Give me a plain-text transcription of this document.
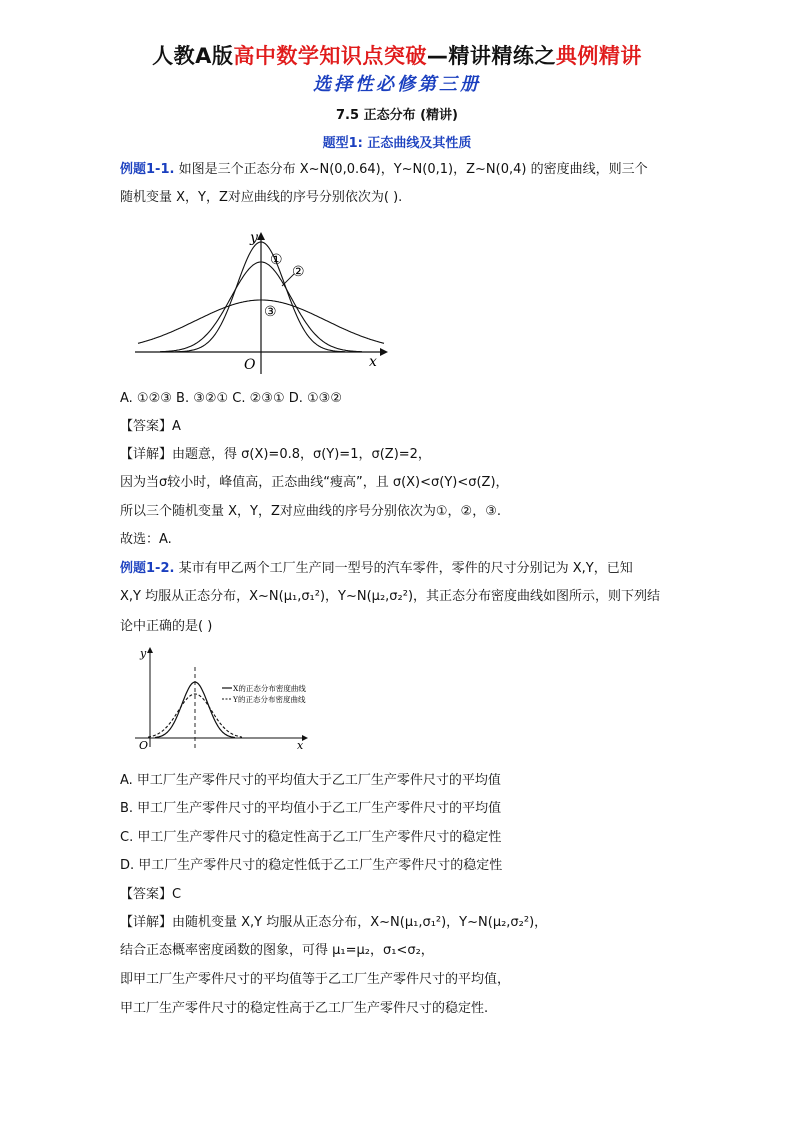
人教A版高中数学知识点突破—精讲精练之典例精讲
选择性必修第三册
7.5 正态分布 (精讲)
题型1: 正态曲线及其性质
例题1-1. 如图是三个正态分布 X~N(0,0.64)，Y~N(0,1)，Z~N(0,4) 的密度曲线，则三个
随机变量 X，Y，Z对应曲线的序号分别依次为( ).
y
x
O
①
②
③
A. ①②③ B. ③②① C. ②③① D. ①③②
【答案】A
【详解】由题意，得 σ(X)=0.8，σ(Y)=1，σ(Z)=2，
因为当σ较小时，峰值高，正态曲线“瘦高”，且 σ(X)<σ(Y)<σ(Z)，
所以三个随机变量 X，Y，Z对应曲线的序号分别依次为①，②，③.
故选：A.
例题1-2. 某市有甲乙两个工厂生产同一型号的汽车零件，零件的尺寸分别记为 X,Y，已知
X,Y 均服从正态分布，X~N(μ₁,σ₁²)，Y~N(μ₂,σ₂²)，其正态分布密度曲线如图所示，则下列结
论中正确的是( )
y
x
O
X的正态分布密度曲线
Y的正态分布密度曲线
A. 甲工厂生产零件尺寸的平均值大于乙工厂生产零件尺寸的平均值
B. 甲工厂生产零件尺寸的平均值小于乙工厂生产零件尺寸的平均值
C. 甲工厂生产零件尺寸的稳定性高于乙工厂生产零件尺寸的稳定性
D. 甲工厂生产零件尺寸的稳定性低于乙工厂生产零件尺寸的稳定性
【答案】C
【详解】由随机变量 X,Y 均服从正态分布，X~N(μ₁,σ₁²)，Y~N(μ₂,σ₂²)，
结合正态概率密度函数的图象，可得 μ₁=μ₂，σ₁<σ₂，
即甲工厂生产零件尺寸的平均值等于乙工厂生产零件尺寸的平均值，
甲工厂生产零件尺寸的稳定性高于乙工厂生产零件尺寸的稳定性.
